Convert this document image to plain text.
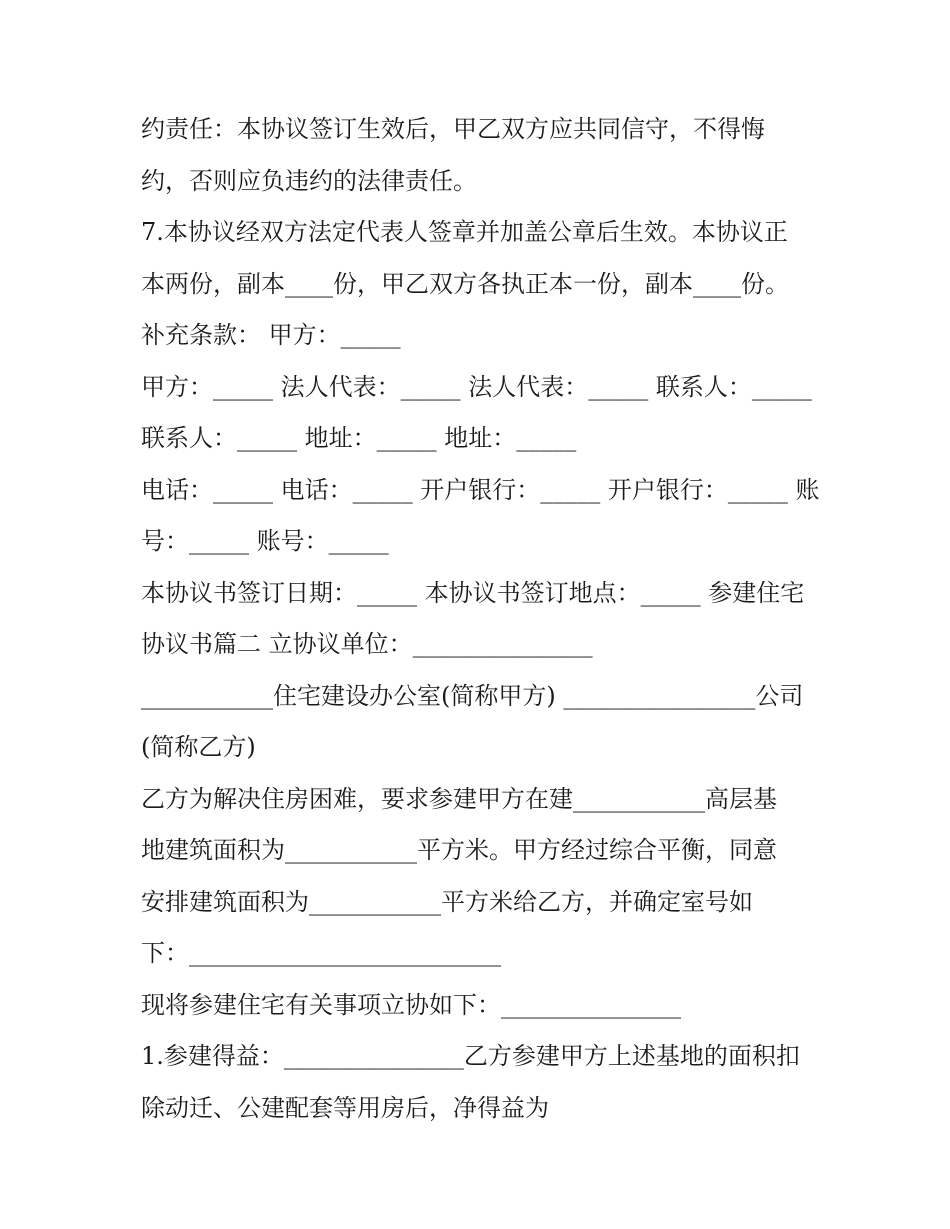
约责任：本协议签订生效后，甲乙双方应共同信守，不得悔
约，否则应负违约的法律责任。
7.本协议经双方法定代表人签章并加盖公章后生效。本协议正
本两份，副本____份，甲乙双方各执正本一份，副本____份。
补充条款： 甲方：_____
甲方：_____ 法人代表：_____ 法人代表：_____ 联系人：_____
联系人：_____ 地址：_____ 地址：_____
电话：_____ 电话：_____ 开户银行：_____ 开户银行：_____ 账
号：_____ 账号：_____
本协议书签订日期：_____ 本协议书签订地点：_____ 参建住宅
协议书篇二 立协议单位：_______________
___________住宅建设办公室(简称甲方) ________________公司
(简称乙方)
乙方为解决住房困难，要求参建甲方在建___________高层基
地建筑面积为___________平方米。甲方经过综合平衡，同意
安排建筑面积为___________平方米给乙方，并确定室号如
下：__________________________
现将参建住宅有关事项立协如下：_______________
1.参建得益：_______________乙方参建甲方上述基地的面积扣
除动迁、公建配套等用房后，净得益为
